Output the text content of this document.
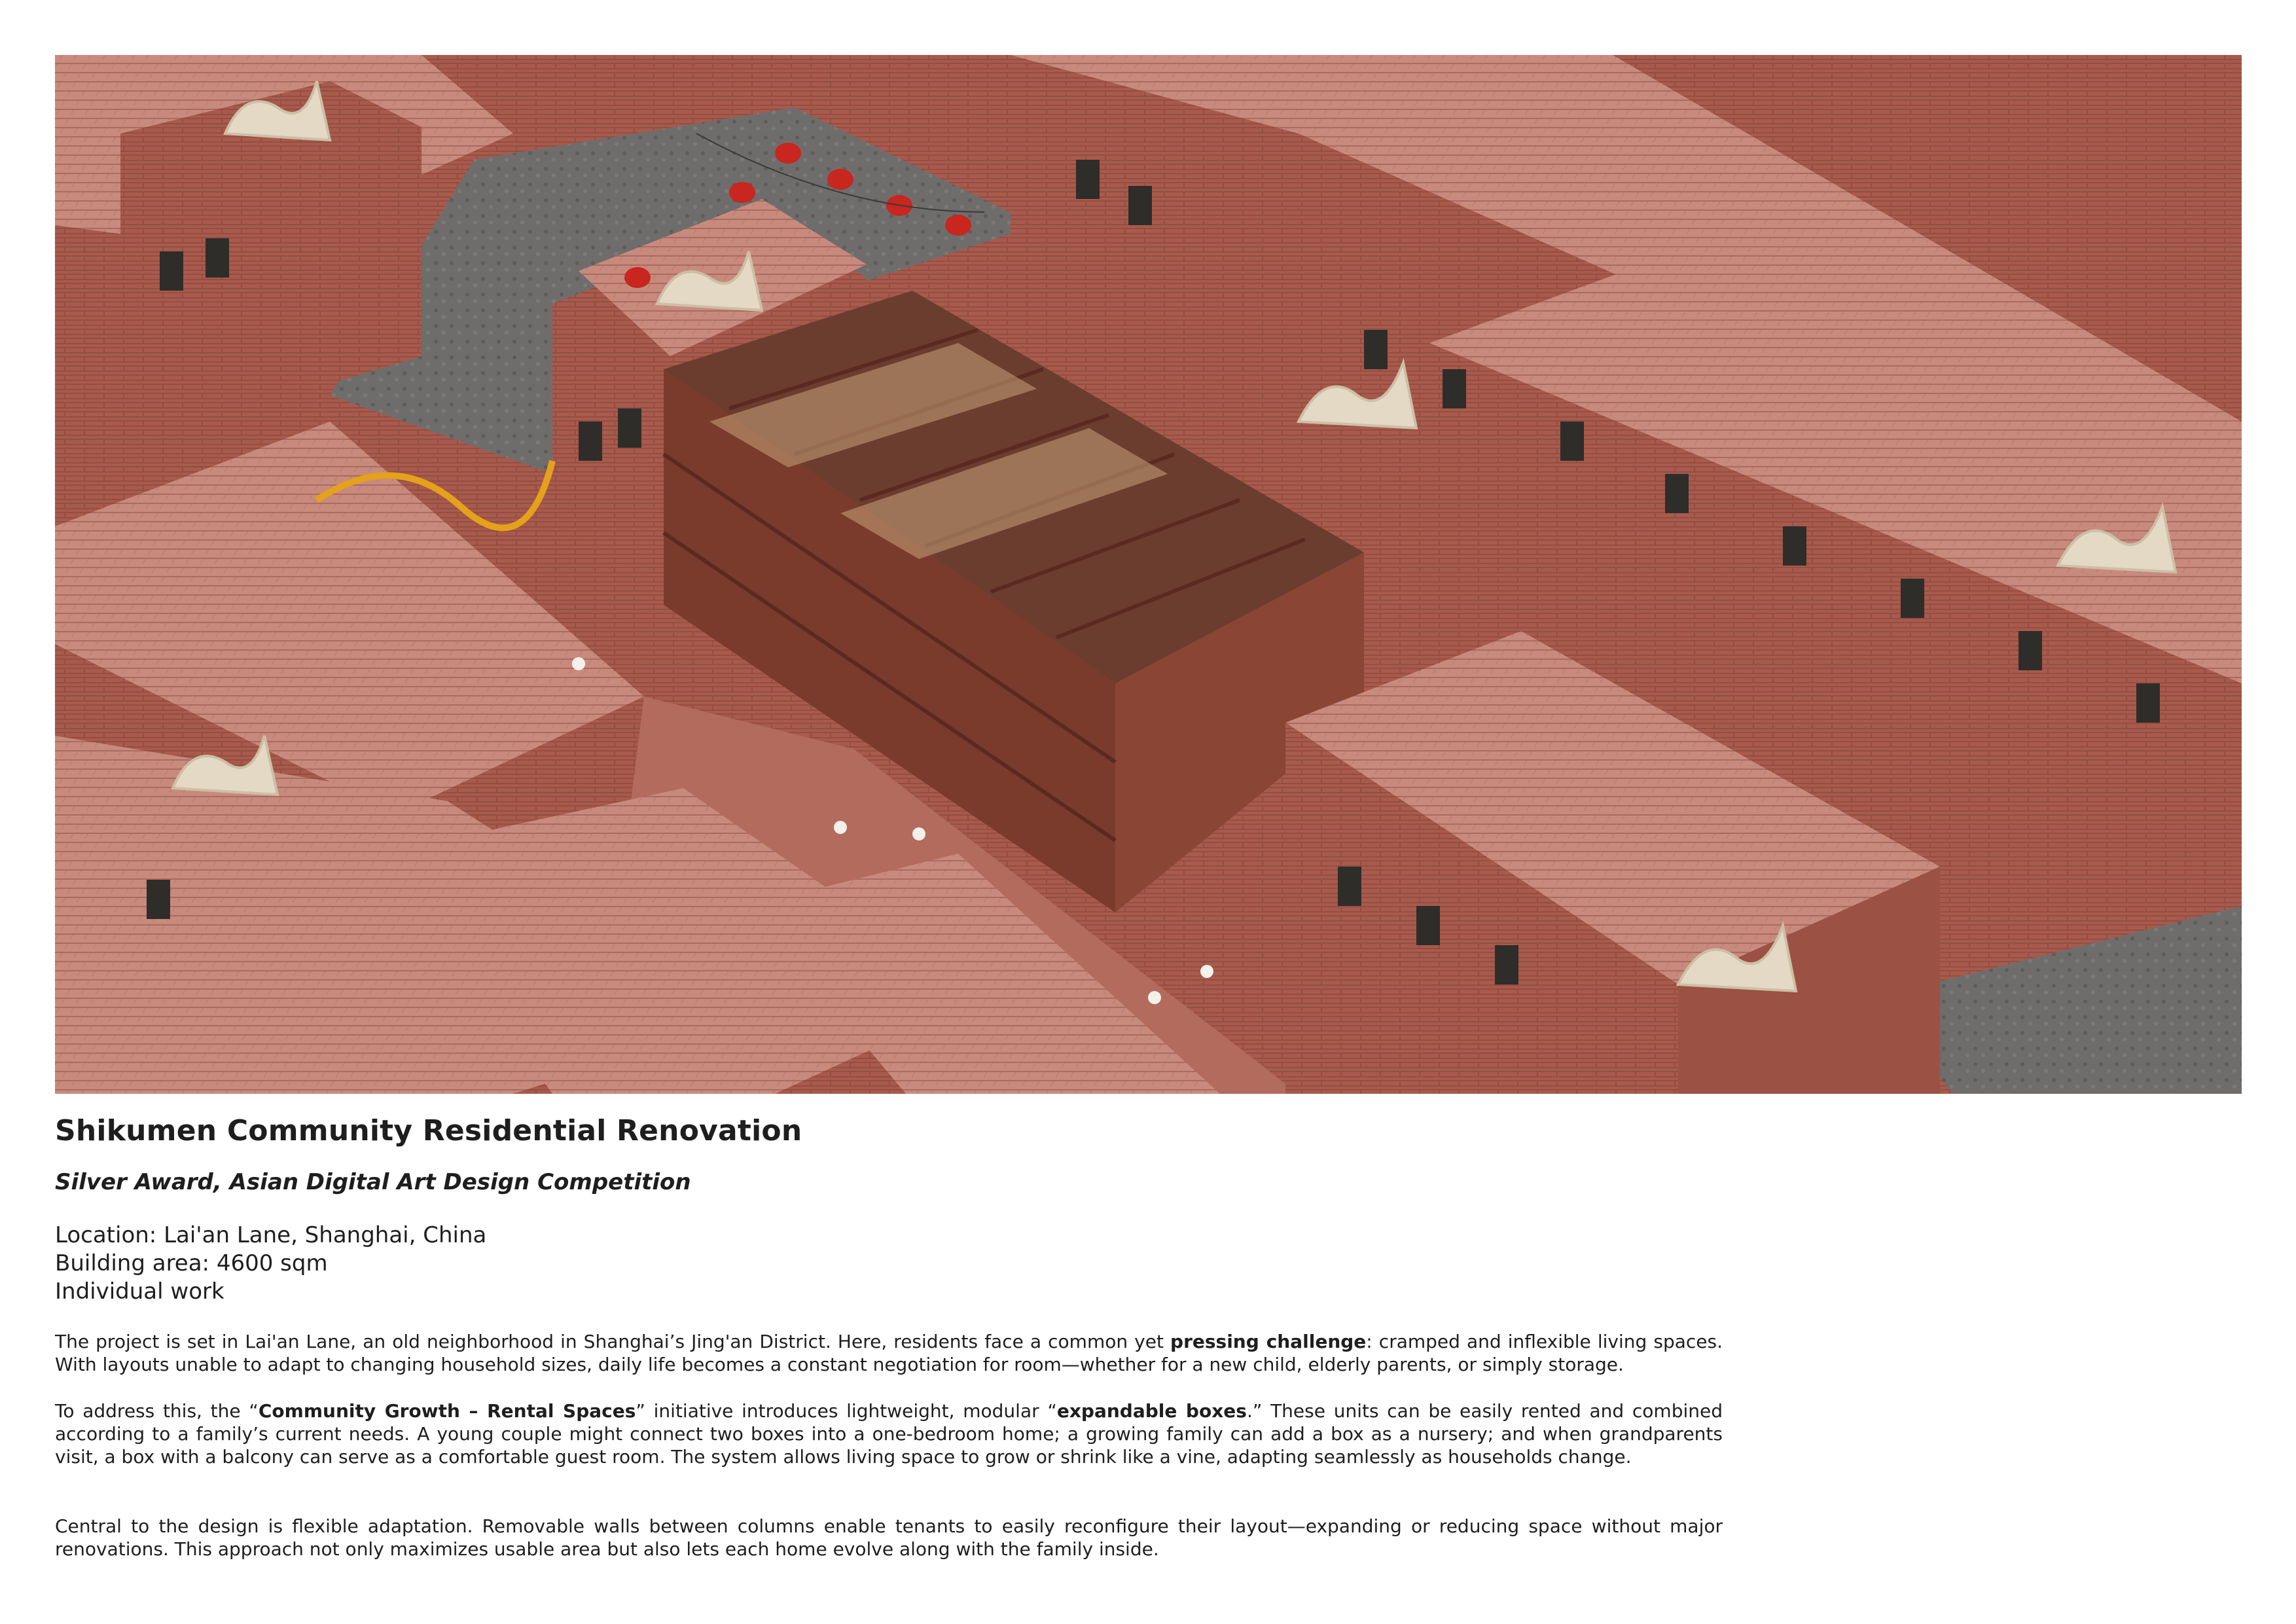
Shikumen Community Residential Renovation
Silver Award, Asian Digital Art Design Competition
Location: Lai'an Lane, Shanghai, China
Building area: 4600 sqm
Individual work

The project is set in Lai'an Lane, an old neighborhood in Shanghai’s Jing'an District. Here, residents face a common yet pressing challenge: cramped and inflexible living spaces. With layouts unable to adapt to changing household sizes, daily life becomes a constant negotiation for room—whether for a new child, elderly parents, or simply storage.

To address this, the “Community Growth – Rental Spaces” initiative introduces lightweight, modular “expandable boxes.” These units can be easily rented and combined according to a family’s current needs. A young couple might connect two boxes into a one-bedroom home; a growing family can add a box as a nursery; and when grandparents visit, a box with a balcony can serve as a comfortable guest room. The system allows living space to grow or shrink like a vine, adapting seamlessly as households change.

Central to the design is flexible adaptation. Removable walls between columns enable tenants to easily reconfigure their layout—expanding or reducing space without major renovations. This approach not only maximizes usable area but also lets each home evolve along with the family inside.
